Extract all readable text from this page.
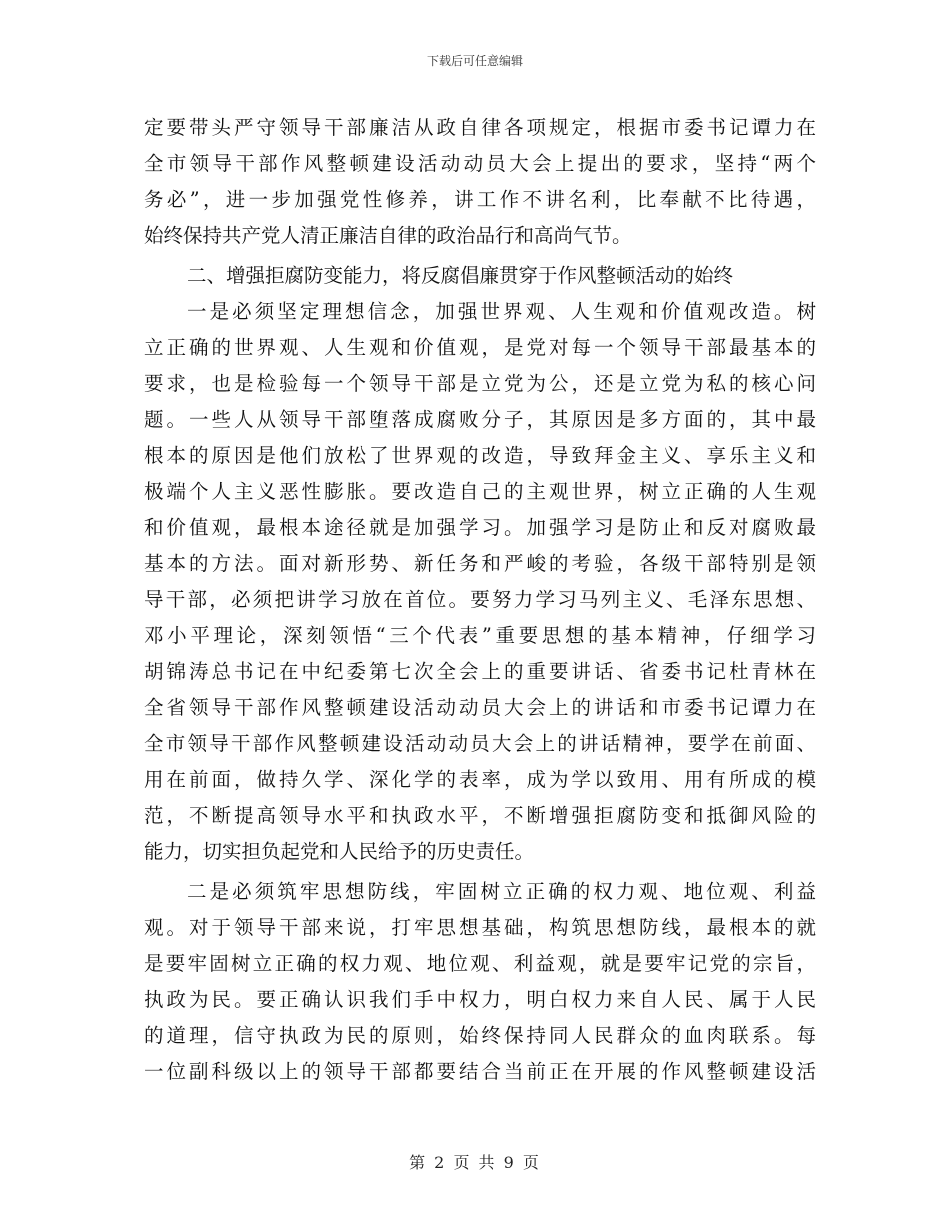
下载后可任意编辑
定要带头严守领导干部廉洁从政自律各项规定，根据市委书记谭力在
全市领导干部作风整顿建设活动动员大会上提出的要求，坚持“两个
务必”，进一步加强党性修养，讲工作不讲名利，比奉献不比待遇，
始终保持共产党人清正廉洁自律的政治品行和高尚气节。
二、增强拒腐防变能力，将反腐倡廉贯穿于作风整顿活动的始终
一是必须坚定理想信念，加强世界观、人生观和价值观改造。树
立正确的世界观、人生观和价值观，是党对每一个领导干部最基本的
要求，也是检验每一个领导干部是立党为公，还是立党为私的核心问
题。一些人从领导干部堕落成腐败分子，其原因是多方面的，其中最
根本的原因是他们放松了世界观的改造，导致拜金主义、享乐主义和
极端个人主义恶性膨胀。要改造自己的主观世界，树立正确的人生观
和价值观，最根本途径就是加强学习。加强学习是防止和反对腐败最
基本的方法。面对新形势、新任务和严峻的考验，各级干部特别是领
导干部，必须把讲学习放在首位。要努力学习马列主义、毛泽东思想、
邓小平理论，深刻领悟“三个代表”重要思想的基本精神，仔细学习
胡锦涛总书记在中纪委第七次全会上的重要讲话、省委书记杜青林在
全省领导干部作风整顿建设活动动员大会上的讲话和市委书记谭力在
全市领导干部作风整顿建设活动动员大会上的讲话精神，要学在前面、
用在前面，做持久学、深化学的表率，成为学以致用、用有所成的模
范，不断提高领导水平和执政水平，不断增强拒腐防变和抵御风险的
能力，切实担负起党和人民给予的历史责任。
二是必须筑牢思想防线，牢固树立正确的权力观、地位观、利益
观。对于领导干部来说，打牢思想基础，构筑思想防线，最根本的就
是要牢固树立正确的权力观、地位观、利益观，就是要牢记党的宗旨，
执政为民。要正确认识我们手中权力，明白权力来自人民、属于人民
的道理，信守执政为民的原则，始终保持同人民群众的血肉联系。每
一位副科级以上的领导干部都要结合当前正在开展的作风整顿建设活
第 2 页 共 9 页
